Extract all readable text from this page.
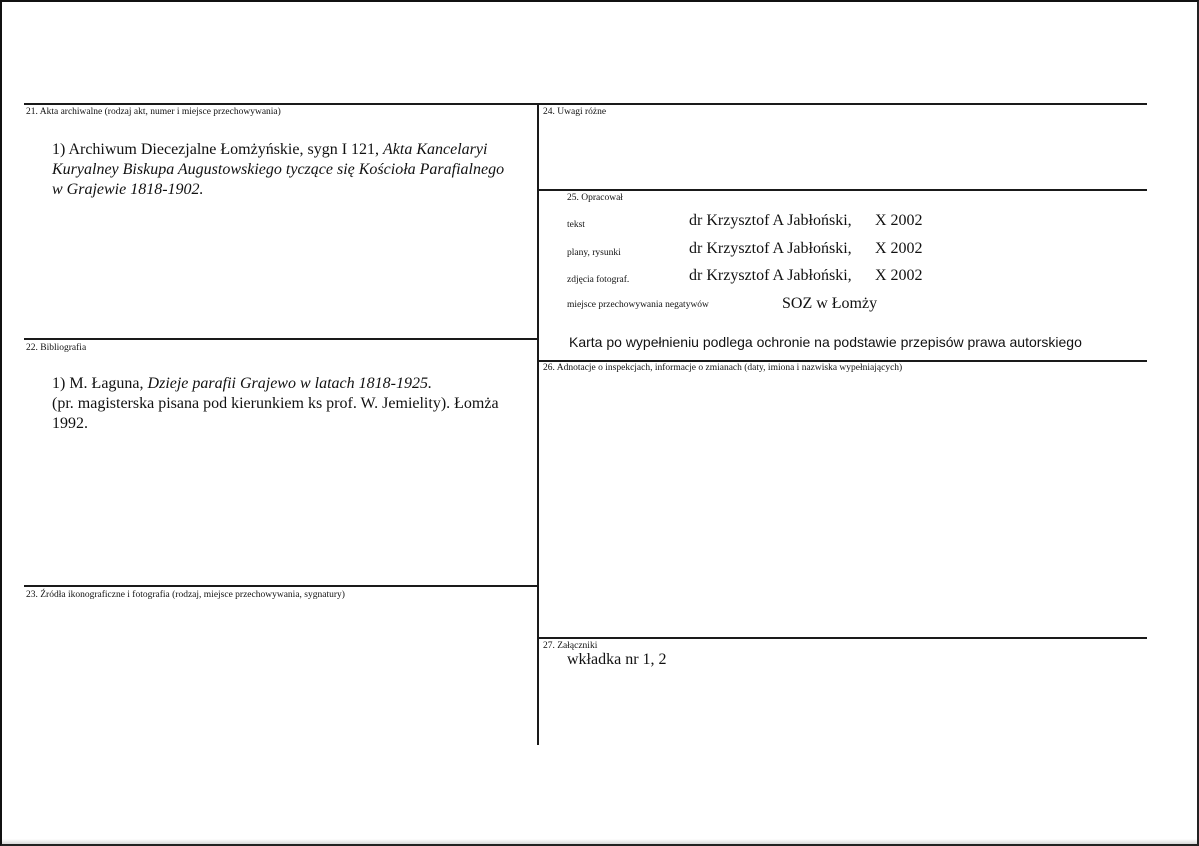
21. Akta archiwalne (rodzaj akt, numer i miejsce przechowywania)
1) Archiwum Diecezjalne Łomżyńskie, sygn I 121, Akta Kancelaryi
Kuryalney Biskupa Augustowskiego tyczące się Kościoła Parafialnego
w Grajewie 1818-1902.
22. Bibliografia
1) M. Łaguna, Dzieje parafii Grajewo w latach 1818-1925.
(pr. magisterska pisana pod kierunkiem ks prof. W. Jemielity). Łomża
1992.
23. Źródła ikonograficzne i fotografia (rodzaj, miejsce przechowywania, sygnatury)
24. Uwagi różne
25. Opracował
tekst	dr Krzysztof A Jabłoński, X 2002
plany, rysunki	dr Krzysztof A Jabłoński, X 2002
zdjęcia fotograf.	dr Krzysztof A Jabłoński, X 2002
miejsce przechowywania negatywów	SOZ w Łomży
Karta po wypełnieniu podlega ochronie na podstawie przepisów prawa autorskiego
26. Adnotacje o inspekcjach, informacje o zmianach (daty, imiona i nazwiska wypełniających)
27. Załączniki
wkładka nr 1, 2
